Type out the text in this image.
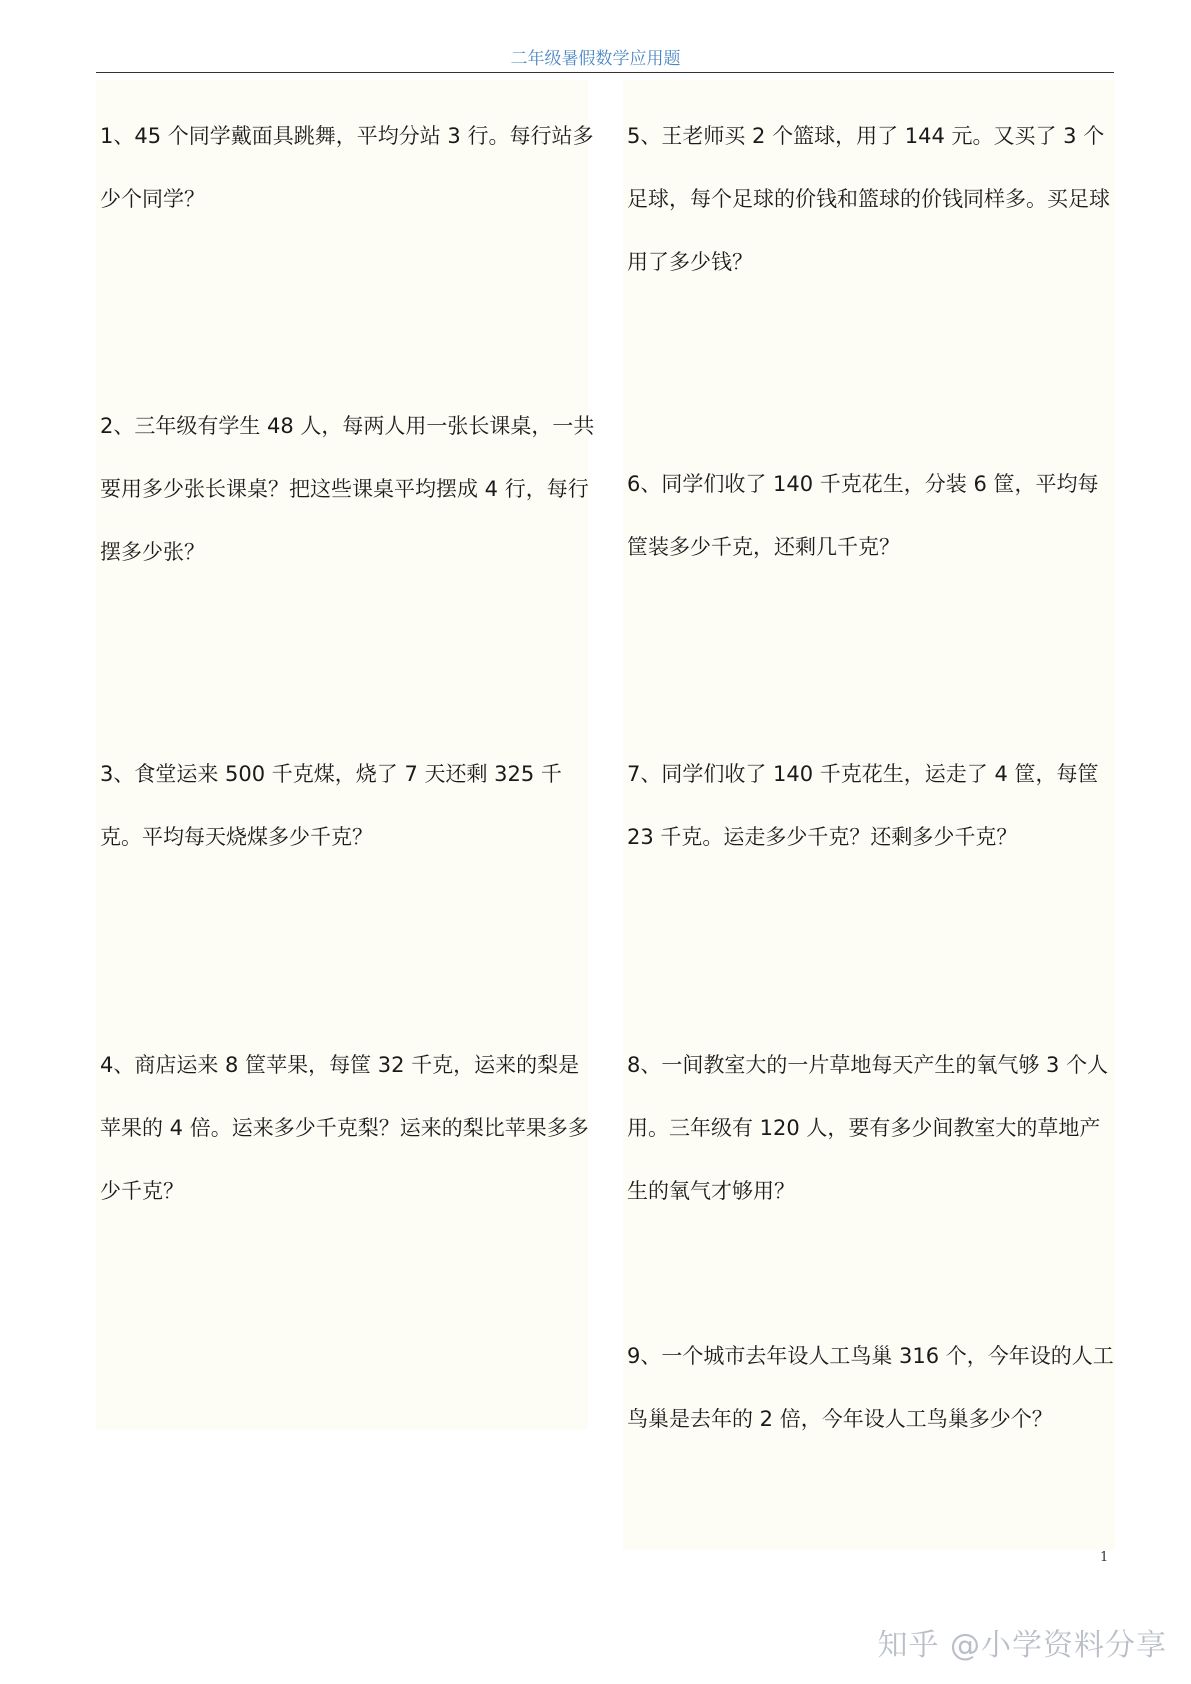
二年级暑假数学应用题

1、45 个同学戴面具跳舞，平均分站 3 行。每行站多少个同学？

2、三年级有学生 48 人，每两人用一张长课桌，一共要用多少张长课桌？把这些课桌平均摆成 4 行，每行摆多少张？

3、食堂运来 500 千克煤，烧了 7 天还剩 325 千克。平均每天烧煤多少千克？

4、商店运来 8 筐苹果，每筐 32 千克，运来的梨是苹果的 4 倍。运来多少千克梨？运来的梨比苹果多多少千克？

5、王老师买 2 个篮球，用了 144 元。又买了 3 个足球，每个足球的价钱和篮球的价钱同样多。买足球用了多少钱？

6、同学们收了 140 千克花生，分装 6 筐，平均每筐装多少千克，还剩几千克？

7、同学们收了 140 千克花生，运走了 4 筐，每筐 23 千克。运走多少千克？还剩多少千克？

8、一间教室大的一片草地每天产生的氧气够 3 个人用。三年级有 120 人，要有多少间教室大的草地产生的氧气才够用？

9、一个城市去年设人工鸟巢 316 个，今年设的人工鸟巢是去年的 2 倍，今年设人工鸟巢多少个？

1
知乎 @小学资料分享
